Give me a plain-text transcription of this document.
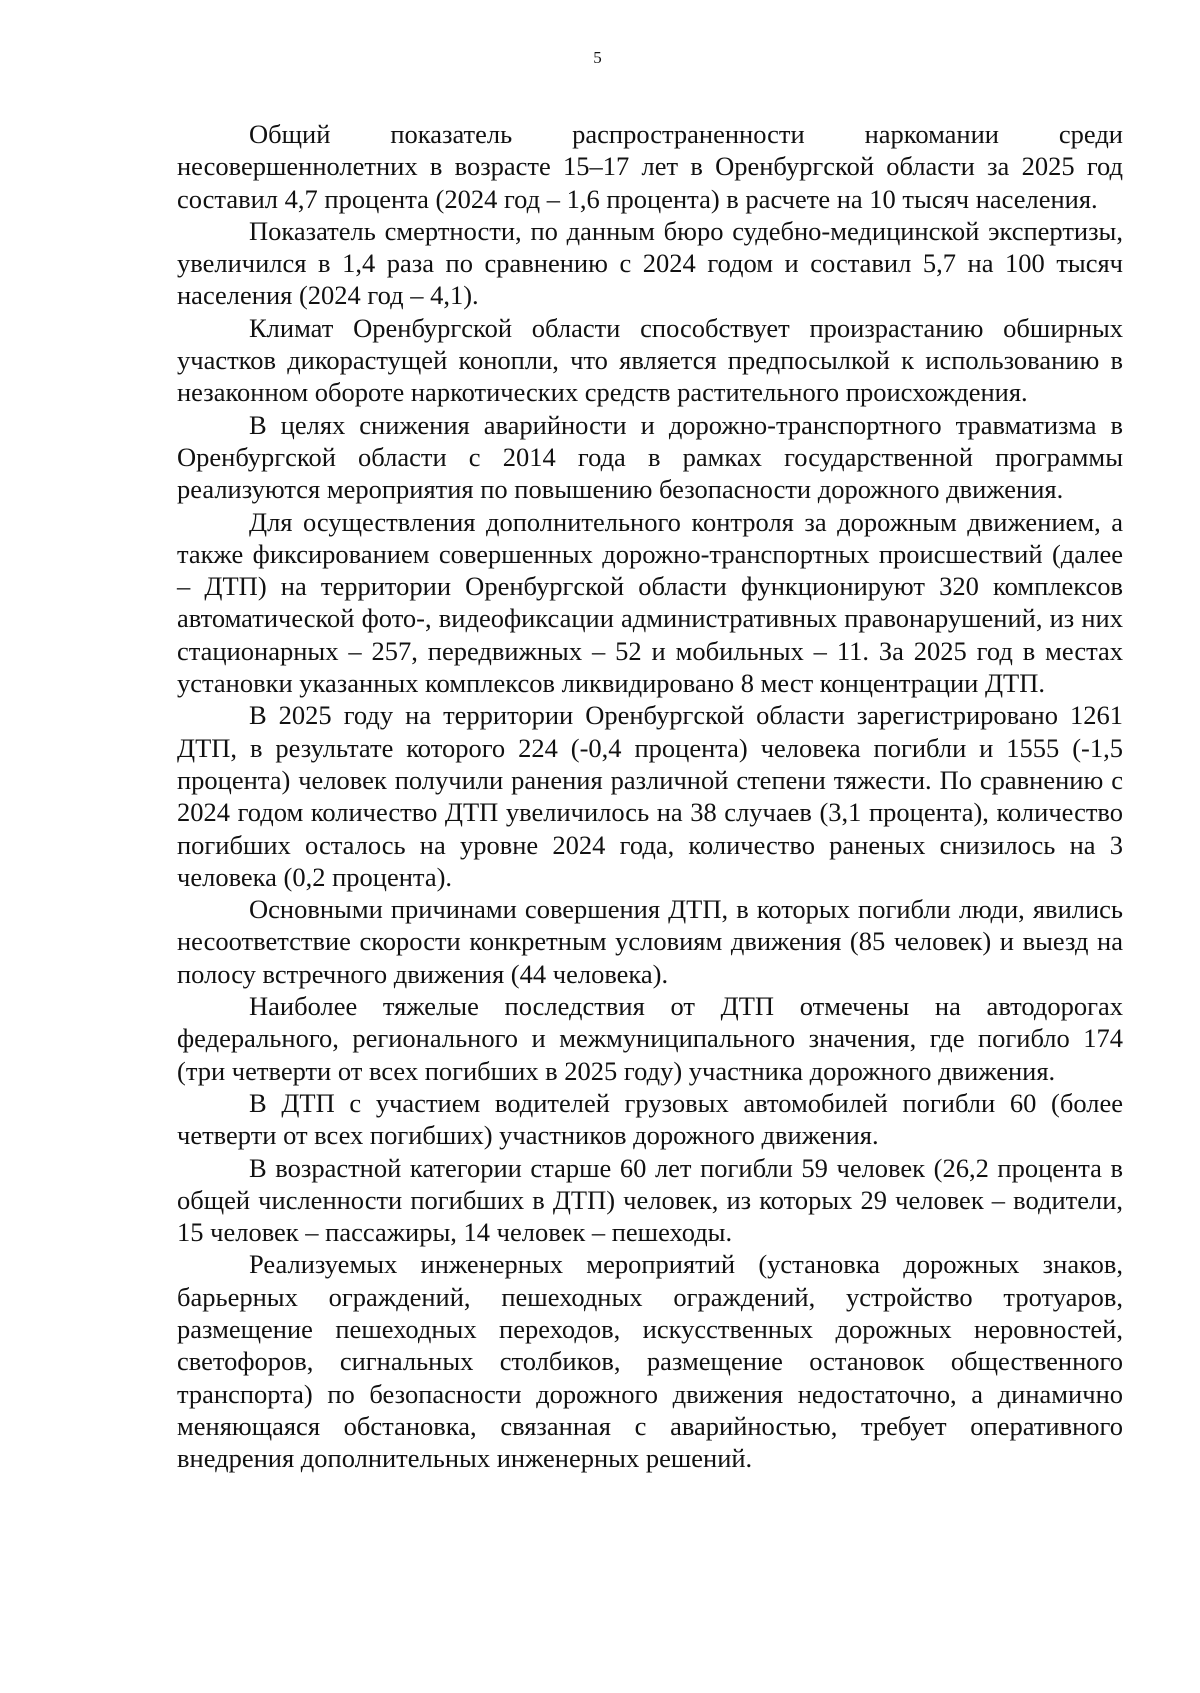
5

Общий показатель распространенности наркомании среди несовершеннолетних в возрасте 15–17 лет в Оренбургской области за 2025 год составил 4,7 процента (2024 год – 1,6 процента) в расчете на 10 тысяч населения.

Показатель смертности, по данным бюро судебно-медицинской экспертизы, увеличился в 1,4 раза по сравнению с 2024 годом и составил 5,7 на 100 тысяч населения (2024 год – 4,1).

Климат Оренбургской области способствует произрастанию обширных участков дикорастущей конопли, что является предпосылкой к использованию в незаконном обороте наркотических средств растительного происхождения.

В целях снижения аварийности и дорожно-транспортного травматизма в Оренбургской области с 2014 года в рамках государственной программы реализуются мероприятия по повышению безопасности дорожного движения.

Для осуществления дополнительного контроля за дорожным движением, а также фиксированием совершенных дорожно-транспортных происшествий (далее – ДТП) на территории Оренбургской области функционируют 320 комплексов автоматической фото-, видеофиксации административных правонарушений, из них стационарных – 257, передвижных – 52 и мобильных – 11. За 2025 год в местах установки указанных комплексов ликвидировано 8 мест концентрации ДТП.

В 2025 году на территории Оренбургской области зарегистрировано 1261 ДТП, в результате которого 224 (-0,4 процента) человека погибли и 1555 (-1,5 процента) человек получили ранения различной степени тяжести. По сравнению с 2024 годом количество ДТП увеличилось на 38 случаев (3,1 процента), количество погибших осталось на уровне 2024 года, количество раненых снизилось на 3 человека (0,2 процента).

Основными причинами совершения ДТП, в которых погибли люди, явились несоответствие скорости конкретным условиям движения (85 человек) и выезд на полосу встречного движения (44 человека).

Наиболее тяжелые последствия от ДТП отмечены на автодорогах федерального, регионального и межмуниципального значения, где погибло 174 (три четверти от всех погибших в 2025 году) участника дорожного движения.

В ДТП с участием водителей грузовых автомобилей погибли 60 (более четверти от всех погибших) участников дорожного движения.

В возрастной категории старше 60 лет погибли 59 человек (26,2 процента в общей численности погибших в ДТП) человек, из которых 29 человек – водители, 15 человек – пассажиры, 14 человек – пешеходы.

Реализуемых инженерных мероприятий (установка дорожных знаков, барьерных ограждений, пешеходных ограждений, устройство тротуаров, размещение пешеходных переходов, искусственных дорожных неровностей, светофоров, сигнальных столбиков, размещение остановок общественного транспорта) по безопасности дорожного движения недостаточно, а динамично меняющаяся обстановка, связанная с аварийностью, требует оперативного внедрения дополнительных инженерных решений.
